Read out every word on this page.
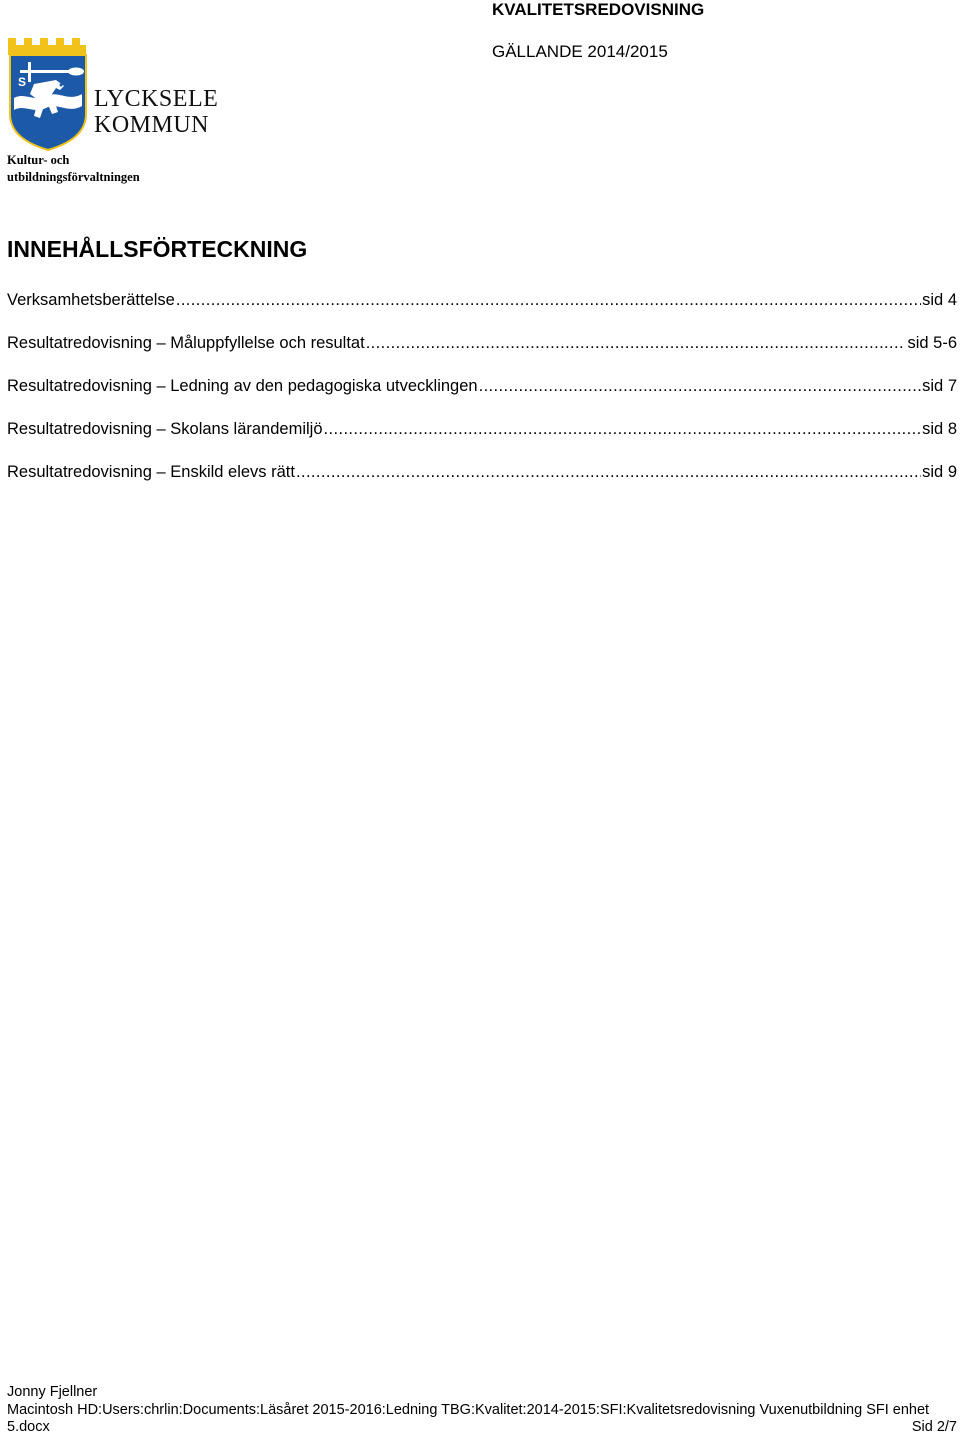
S
LYCKSELE
KOMMUN
Kultur- och
utbildningsförvaltningen
KVALITETSREDOVISNING
GÄLLANDE 2014/2015
INNEHÅLLSFÖRTECKNING
Verksamhetsberättelse .....	sid 4
Resultatredovisning – Måluppfyllelse och resultat .....	sid 5-6
Resultatredovisning – Ledning av den pedagogiska utvecklingen .....	sid 7
Resultatredovisning – Skolans lärandemiljö .....	sid 8
Resultatredovisning – Enskild elevs rätt .....	sid 9
Jonny Fjellner
Macintosh HD:Users:chrlin:Documents:Läsåret 2015-2016:Ledning TBG:Kvalitet:2014-2015:SFI:Kvalitetsredovisning Vuxenutbildning SFI enhet
5.docx	Sid 2/7
